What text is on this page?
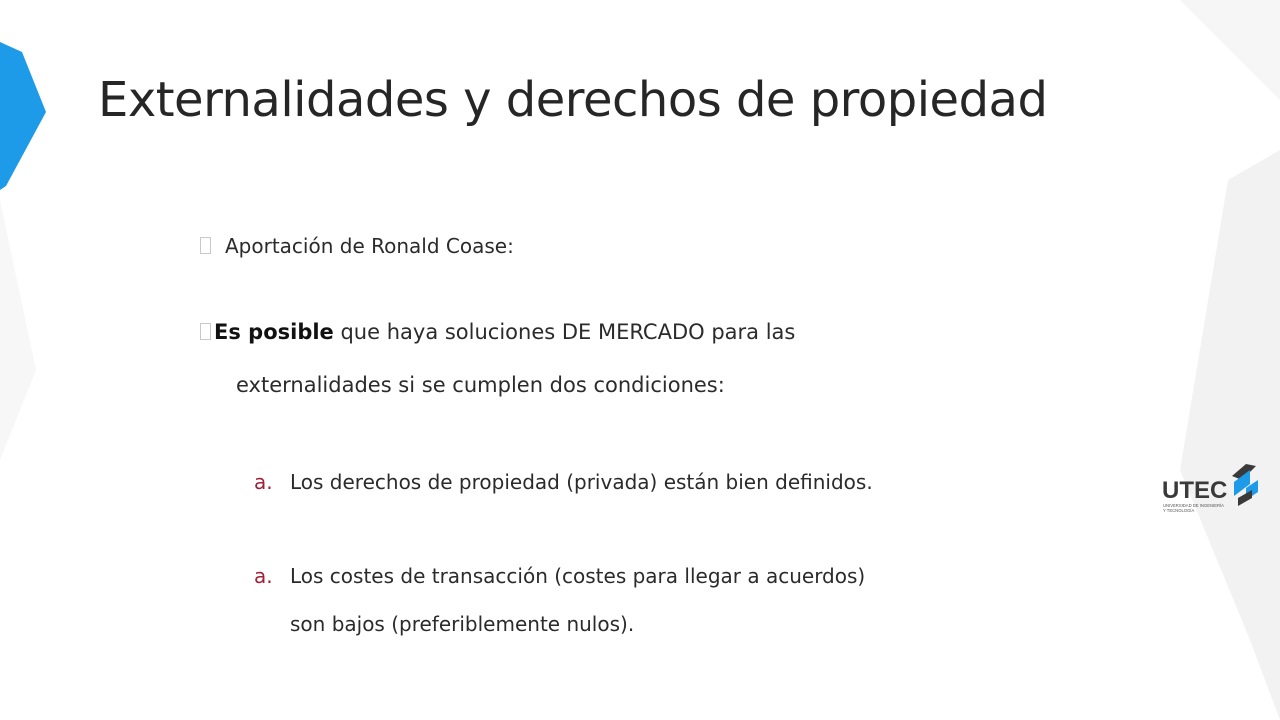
Externalidades y derechos de propiedad
Aportación de Ronald Coase:
Es posible que haya soluciones DE MERCADO para las
externalidades si se cumplen dos condiciones:
a. Los derechos de propiedad (privada) están bien definidos.
a. Los costes de transacción (costes para llegar a acuerdos)
son bajos (preferiblemente nulos).
UTEC
UNIVERSIDAD DE INGENIERÍA
Y TECNOLOGÍA
